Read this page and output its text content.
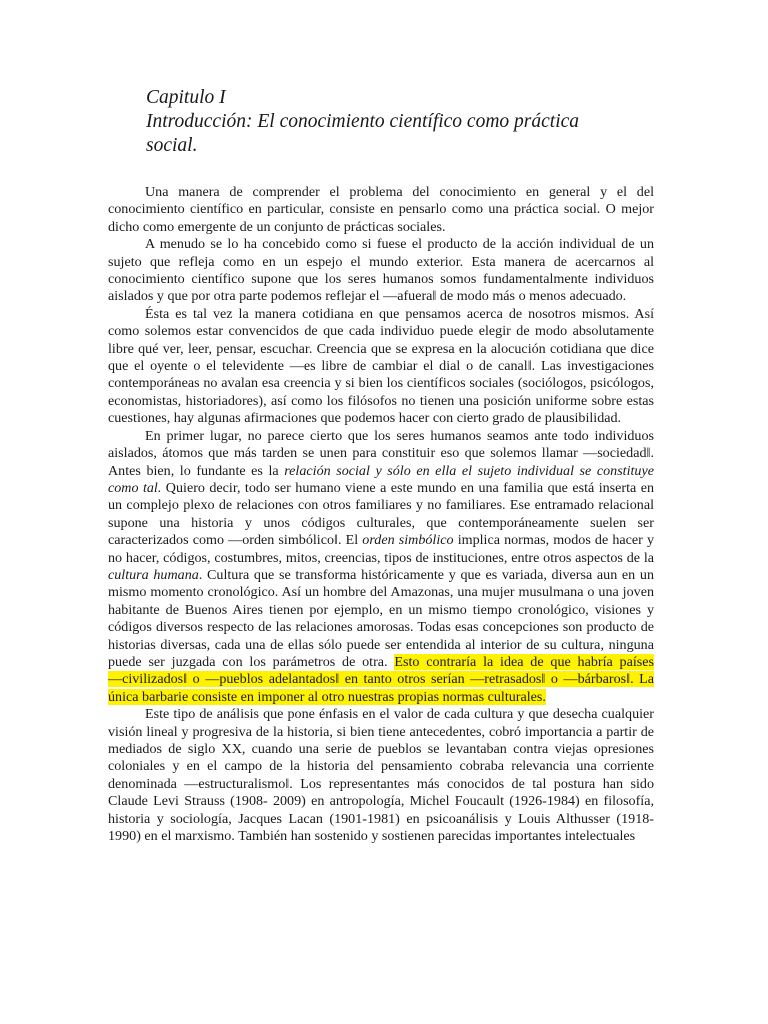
Capitulo I
Introducción: El conocimiento científico como práctica social.

Una manera de comprender el problema del conocimiento en general y el del conocimiento científico en particular, consiste en pensarlo como una práctica social. O mejor dicho como emergente de un conjunto de prácticas sociales.

A menudo se lo ha concebido como si fuese el producto de la acción individual de un sujeto que refleja como en un espejo el mundo exterior. Esta manera de acercarnos al conocimiento científico supone que los seres humanos somos fundamentalmente individuos aislados y que por otra parte podemos reflejar el ―afuera‖ de modo más o menos adecuado.

Ésta es tal vez la manera cotidiana en que pensamos acerca de nosotros mismos. Así como solemos estar convencidos de que cada individuo puede elegir de modo absolutamente libre qué ver, leer, pensar, escuchar. Creencia que se expresa en la alocución cotidiana que dice que el oyente o el televidente ―es libre de cambiar el dial o de canal‖. Las investigaciones contemporáneas no avalan esa creencia y si bien los científicos sociales (sociólogos, psicólogos, economistas, historiadores), así como los filósofos no tienen una posición uniforme sobre estas cuestiones, hay algunas afirmaciones que podemos hacer con cierto grado de plausibilidad.

En primer lugar, no parece cierto que los seres humanos seamos ante todo individuos aislados, átomos que más tarden se unen para constituir eso que solemos llamar ―sociedad‖. Antes bien, lo fundante es la relación social y sólo en ella el sujeto individual se constituye como tal. Quiero decir, todo ser humano viene a este mundo en una familia que está inserta en un complejo plexo de relaciones con otros familiares y no familiares. Ese entramado relacional supone una historia y unos códigos culturales, que contemporáneamente suelen ser caracterizados como ―orden simbólico‖. El orden simbólico implica normas, modos de hacer y no hacer, códigos, costumbres, mitos, creencias, tipos de instituciones, entre otros aspectos de la cultura humana. Cultura que se transforma históricamente y que es variada, diversa aun en un mismo momento cronológico. Así un hombre del Amazonas, una mujer musulmana o una joven habitante de Buenos Aires tienen por ejemplo, en un mismo tiempo cronológico, visiones y códigos diversos respecto de las relaciones amorosas. Todas esas concepciones son producto de historias diversas, cada una de ellas sólo puede ser entendida al interior de su cultura, ninguna puede ser juzgada con los parámetros de otra. Esto contraría la idea de que habría países ―civilizados‖ o ―pueblos adelantados‖ en tanto otros serían ―retrasados‖ o ―bárbaros‖. La única barbarie consiste en imponer al otro nuestras propias normas culturales.

Este tipo de análisis que pone énfasis en el valor de cada cultura y que desecha cualquier visión lineal y progresiva de la historia, si bien tiene antecedentes, cobró importancia a partir de mediados de siglo XX, cuando una serie de pueblos se levantaban contra viejas opresiones coloniales y en el campo de la historia del pensamiento cobraba relevancia una corriente denominada ―estructuralismo‖. Los representantes más conocidos de tal postura han sido Claude Levi Strauss (1908- 2009) en antropología, Michel Foucault (1926-1984) en filosofía, historia y sociología, Jacques Lacan (1901-1981) en psicoanálisis y Louis Althusser (1918- 1990) en el marxismo. También han sostenido y sostienen parecidas importantes intelectuales
